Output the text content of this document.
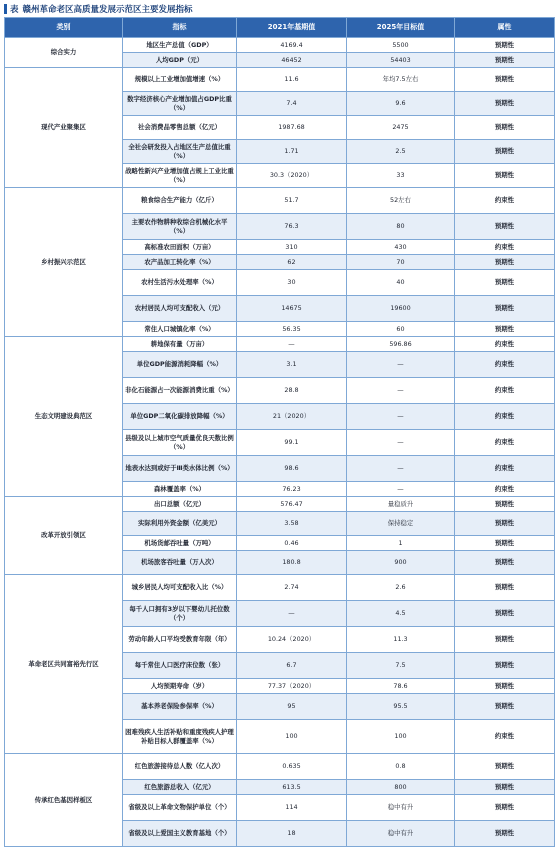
表 赣州革命老区高质量发展示范区主要发展指标
类别	指标	2021年基期值	2025年目标值	属性
综合实力	地区生产总值（GDP）	4169.4	5500	预期性
	人均GDP（元）	46452	54403	预期性
现代产业聚集区	规模以上工业增加值增速（%）	11.6	年均7.5左右	预期性
	数字经济核心产业增加值占GDP比重（%）	7.4	9.6	预期性
	社会消费品零售总额（亿元）	1987.68	2475	预期性
	全社会研发投入占地区生产总值比重（%）	1.71	2.5	预期性
	战略性新兴产业增加值占规上工业比重（%）	30.3（2020）	33	预期性
乡村振兴示范区	粮食综合生产能力（亿斤）	51.7	52左右	约束性
	主要农作物耕种收综合机械化水平（%）	76.3	80	预期性
	高标准农田面积（万亩）	310	430	约束性
	农产品加工转化率（%）	62	70	预期性
	农村生活污水处理率（%）	30	40	预期性
	农村居民人均可支配收入（元）	14675	19600	预期性
	常住人口城镇化率（%）	56.35	60	预期性
生态文明建设典范区	耕地保有量（万亩）	—	596.86	约束性
	单位GDP能源消耗降幅（%）	3.1	—	约束性
	非化石能源占一次能源消费比重（%）	28.8	—	约束性
	单位GDP二氧化碳排放降幅（%）	21（2020）	—	约束性
	县级及以上城市空气质量优良天数比例（%）	99.1	—	约束性
	地表水达到或好于Ⅲ类水体比例（%）	98.6	—	约束性
	森林覆盖率（%）	76.23	—	约束性
改革开放引领区	出口总额（亿元）	576.47	量稳质升	预期性
	实际利用外资金额（亿美元）	3.58	保持稳定	预期性
	机场货邮吞吐量（万吨）	0.46	1	预期性
	机场旅客吞吐量（万人次）	180.8	900	预期性
革命老区共同富裕先行区	城乡居民人均可支配收入比（%）	2.74	2.6	预期性
	每千人口拥有3岁以下婴幼儿托位数（个）	—	4.5	预期性
	劳动年龄人口平均受教育年限（年）	10.24（2020）	11.3	预期性
	每千常住人口医疗床位数（张）	6.7	7.5	预期性
	人均预期寿命（岁）	77.37（2020）	78.6	预期性
	基本养老保险参保率（%）	95	95.5	预期性
	困难残疾人生活补贴和重度残疾人护理补贴目标人群覆盖率（%）	100	100	约束性
传承红色基因样板区	红色旅游接待总人数（亿人次）	0.635	0.8	预期性
	红色旅游总收入（亿元）	613.5	800	预期性
	省级及以上革命文物保护单位（个）	114	稳中有升	预期性
	省级及以上爱国主义教育基地（个）	18	稳中有升	预期性
